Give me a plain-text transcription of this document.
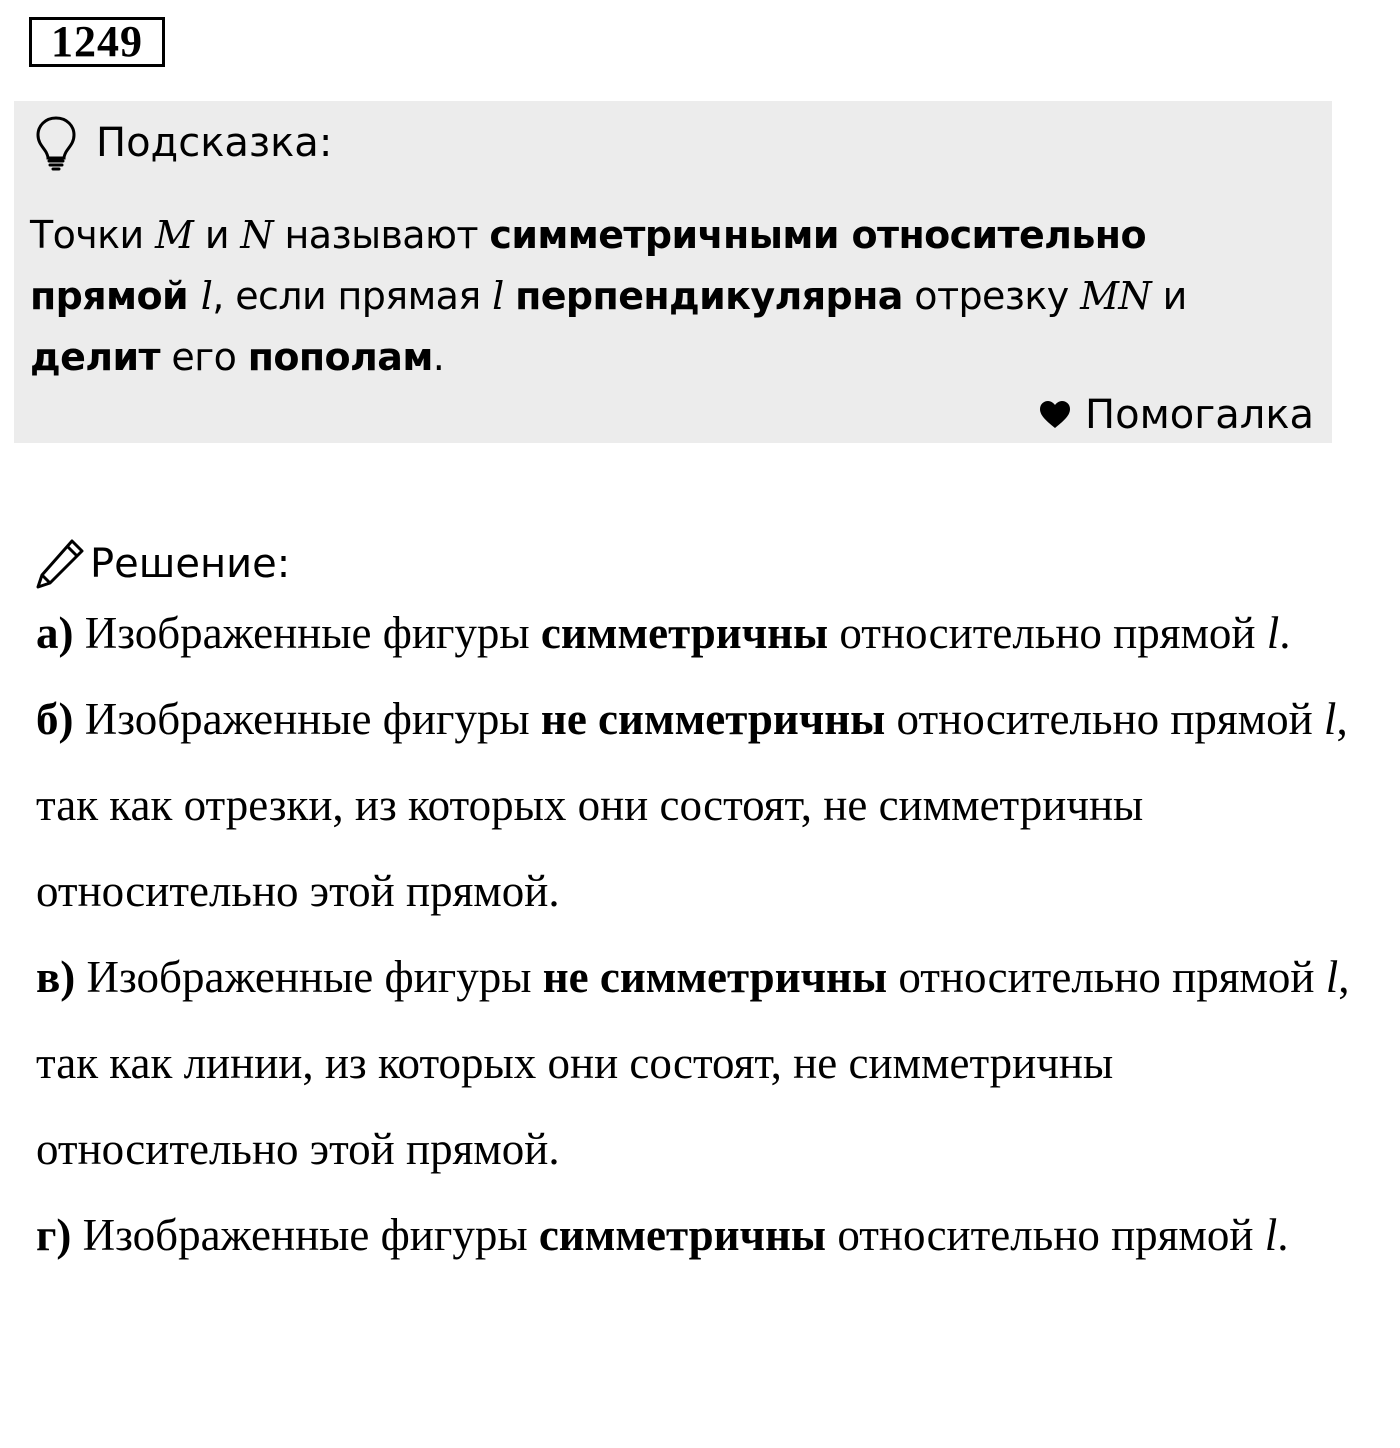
1249
Подсказка:
Точки M и N называют симметричными относительно
прямой l, если прямая l перпендикулярна отрезку MN и
делит его пополам.
Помогалка
Решение:

а) Изображенные фигуры симметричны относительно прямой l.

б) Изображенные фигуры не симметричны относительно прямой l, так как отрезки, из которых они состоят, не симметричны относительно этой прямой.

в) Изображенные фигуры не симметричны относительно прямой l, так как линии, из которых они состоят, не симметричны относительно этой прямой.

г) Изображенные фигуры симметричны относительно прямой l.
